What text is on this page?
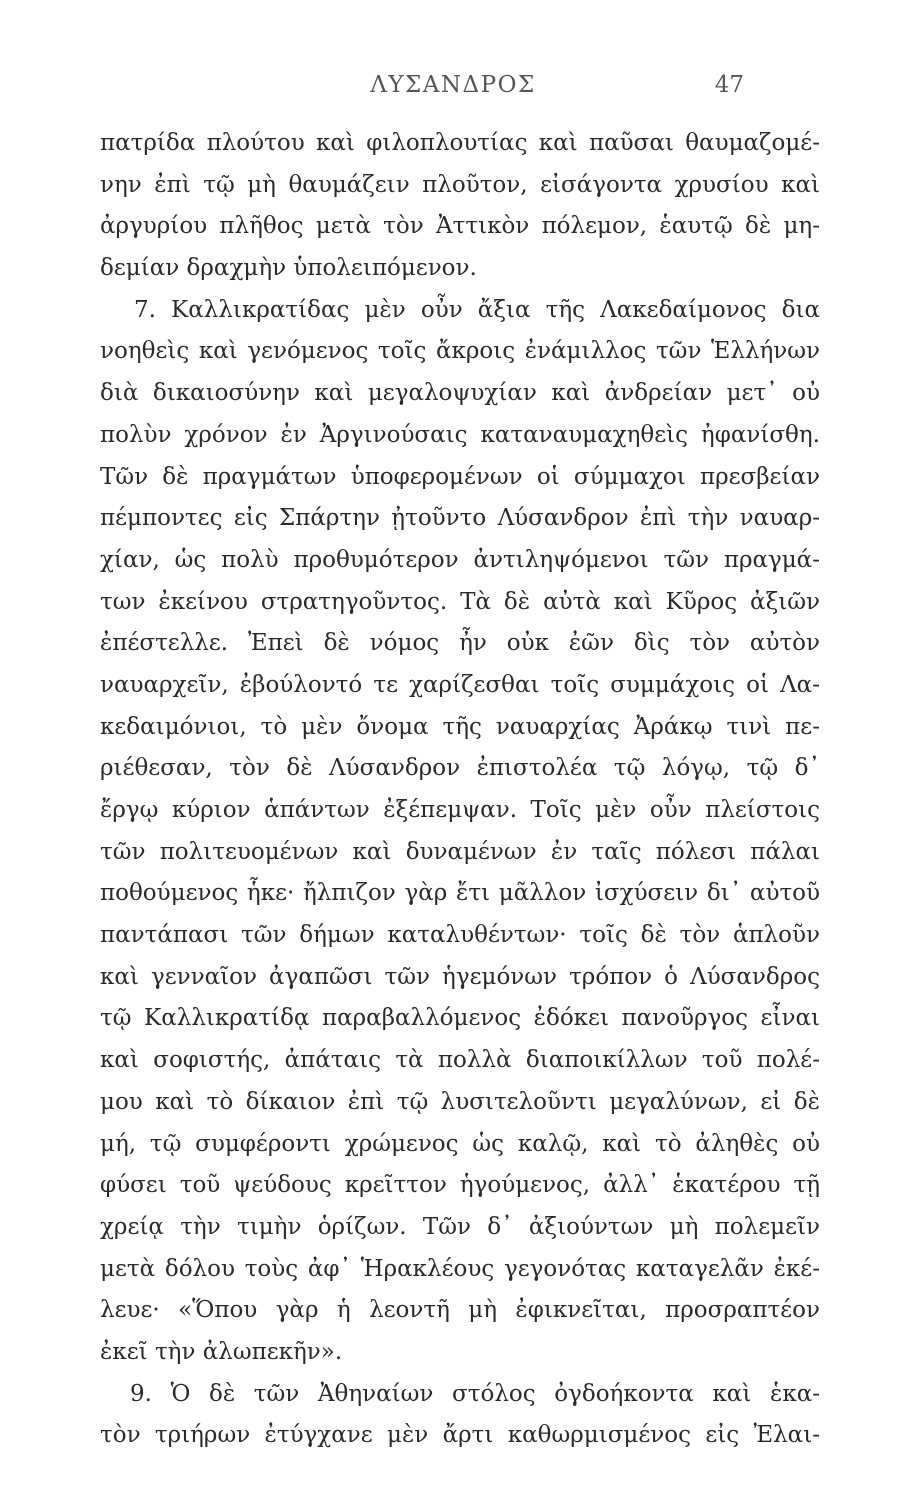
ΛΥΣΑΝΔΡΟΣ	47
πατρίδα πλούτου καὶ φιλοπλουτίας καὶ παῦσαι θαυμαζομέ-
νην ἐπὶ τῷ μὴ θαυμάζειν πλοῦτον, εἰσάγοντα χρυσίου καὶ
ἀργυρίου πλῆθος μετὰ τὸν Ἀττικὸν πόλεμον, ἑαυτῷ δὲ μη-
δεμίαν δραχμὴν ὑπολειπόμενον.
7. Καλλικρατίδας μὲν οὖν ἄξια τῆς Λακεδαίμονος δια
νοηθεὶς καὶ γενόμενος τοῖς ἄκροις ἐνάμιλλος τῶν Ἑλλήνων
διὰ δικαιοσύνην καὶ μεγαλοψυχίαν καὶ ἀνδρείαν μετ᾽ οὐ
πολὺν χρόνον ἐν Ἀργινούσαις καταναυμαχηθεὶς ἠφανίσθη.
Τῶν δὲ πραγμάτων ὑποφερομένων οἱ σύμμαχοι πρεσβείαν
πέμποντες εἰς Σπάρτην ᾐτοῦντο Λύσανδρον ἐπὶ τὴν ναυαρ-
χίαν, ὡς πολὺ προθυμότερον ἀντιληψόμενοι τῶν πραγμά-
των ἐκείνου στρατηγοῦντος. Τὰ δὲ αὐτὰ καὶ Κῦρος ἀξιῶν
ἐπέστελλε. Ἐπεὶ δὲ νόμος ἦν οὐκ ἐῶν δὶς τὸν αὐτὸν
ναυαρχεῖν, ἐβούλοντό τε χαρίζεσθαι τοῖς συμμάχοις οἱ Λα-
κεδαιμόνιοι, τὸ μὲν ὄνομα τῆς ναυαρχίας Ἀράκῳ τινὶ πε-
ριέθεσαν, τὸν δὲ Λύσανδρον ἐπιστολέα τῷ λόγῳ, τῷ δ᾽
ἔργῳ κύριον ἁπάντων ἐξέπεμψαν. Τοῖς μὲν οὖν πλείστοις
τῶν πολιτευομένων καὶ δυναμένων ἐν ταῖς πόλεσι πάλαι
ποθούμενος ἧκε· ἤλπιζον γὰρ ἔτι μᾶλλον ἰσχύσειν δι᾽ αὐτοῦ
παντάπασι τῶν δήμων καταλυθέντων· τοῖς δὲ τὸν ἁπλοῦν
καὶ γενναῖον ἀγαπῶσι τῶν ἡγεμόνων τρόπον ὁ Λύσανδρος
τῷ Καλλικρατίδᾳ παραβαλλόμενος ἐδόκει πανοῦργος εἶναι
καὶ σοφιστής, ἀπάταις τὰ πολλὰ διαποικίλλων τοῦ πολέ-
μου καὶ τὸ δίκαιον ἐπὶ τῷ λυσιτελοῦντι μεγαλύνων, εἰ δὲ
μή, τῷ συμφέροντι χρώμενος ὡς καλῷ, καὶ τὸ ἀληθὲς οὐ
φύσει τοῦ ψεύδους κρεῖττον ἡγούμενος, ἀλλ᾽ ἑκατέρου τῇ
χρείᾳ τὴν τιμὴν ὁρίζων. Τῶν δ᾽ ἀξιούντων μὴ πολεμεῖν
μετὰ δόλου τοὺς ἀφ᾽ Ἡρακλέους γεγονότας καταγελᾶν ἐκέ-
λευε· «Ὅπου γὰρ ἡ λεοντῆ μὴ ἐφικνεῖται, προσραπτέον
ἐκεῖ τὴν ἀλωπεκῆν».
9. Ὁ δὲ τῶν Ἀθηναίων στόλος ὀγδοήκοντα καὶ ἑκα-
τὸν τριήρων ἐτύγχανε μὲν ἄρτι καθωρμισμένος εἰς Ἐλαι-
